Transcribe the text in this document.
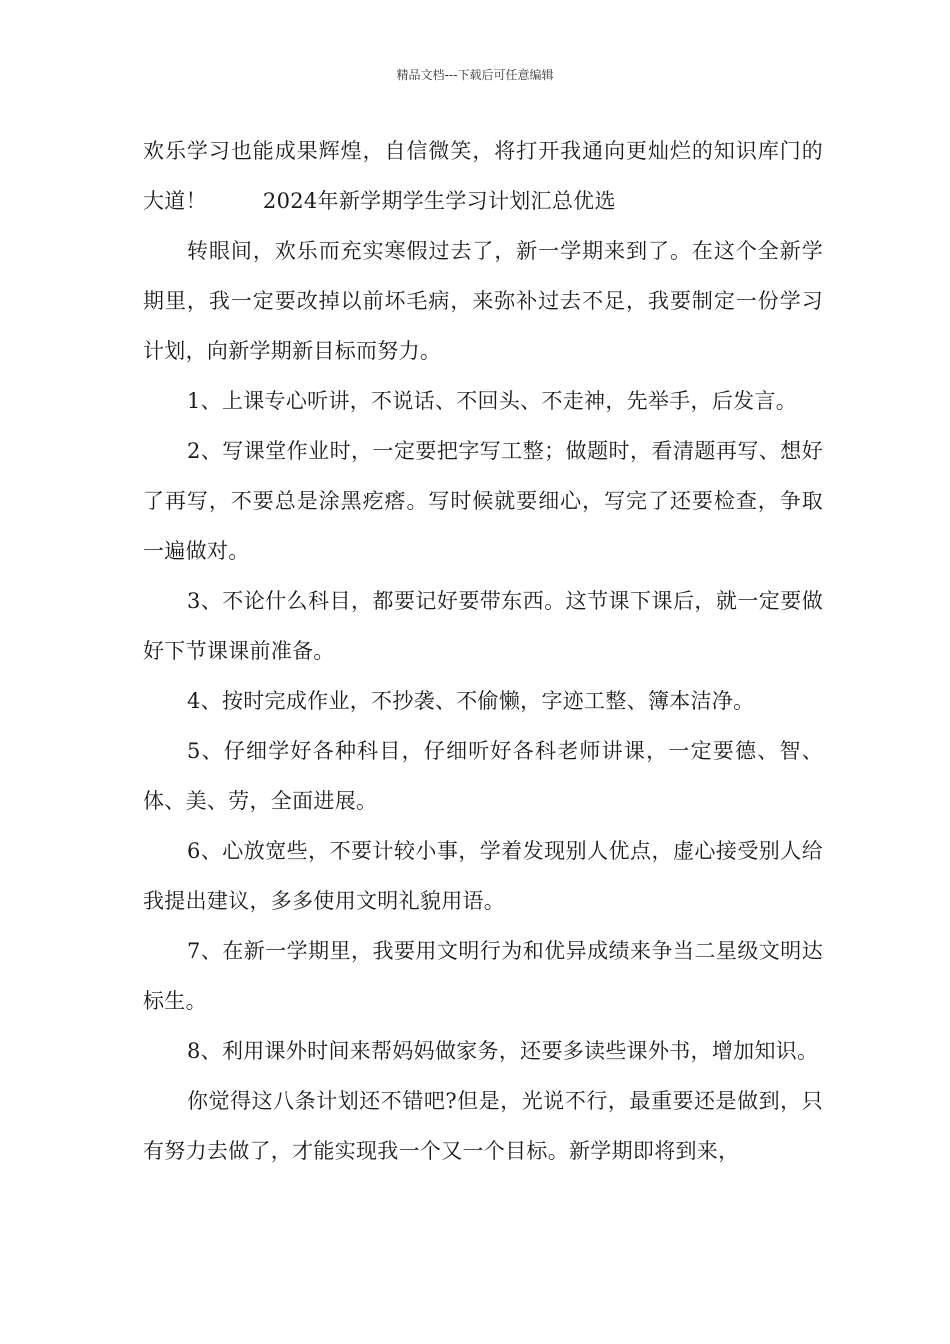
精品文档---下载后可任意编辑

欢乐学习也能成果辉煌，自信微笑，将打开我通向更灿烂的知识库门的大道！	2024年新学期学生学习计划汇总优选

转眼间，欢乐而充实寒假过去了，新一学期来到了。在这个全新学期里，我一定要改掉以前坏毛病，来弥补过去不足，我要制定一份学习计划，向新学期新目标而努力。

1、上课专心听讲，不说话、不回头、不走神，先举手，后发言。

2、写课堂作业时，一定要把字写工整；做题时，看清题再写、想好了再写，不要总是涂黑疙瘩。写时候就要细心，写完了还要检查，争取一遍做对。

3、不论什么科目，都要记好要带东西。这节课下课后，就一定要做好下节课课前准备。

4、按时完成作业，不抄袭、不偷懒，字迹工整、簿本洁净。

5、仔细学好各种科目，仔细听好各科老师讲课，一定要德、智、体、美、劳，全面进展。

6、心放宽些，不要计较小事，学着发现别人优点，虚心接受别人给我提出建议，多多使用文明礼貌用语。

7、在新一学期里，我要用文明行为和优异成绩来争当二星级文明达标生。

8、利用课外时间来帮妈妈做家务，还要多读些课外书，增加知识。

你觉得这八条计划还不错吧?但是，光说不行，最重要还是做到，只有努力去做了，才能实现我一个又一个目标。新学期即将到来，
